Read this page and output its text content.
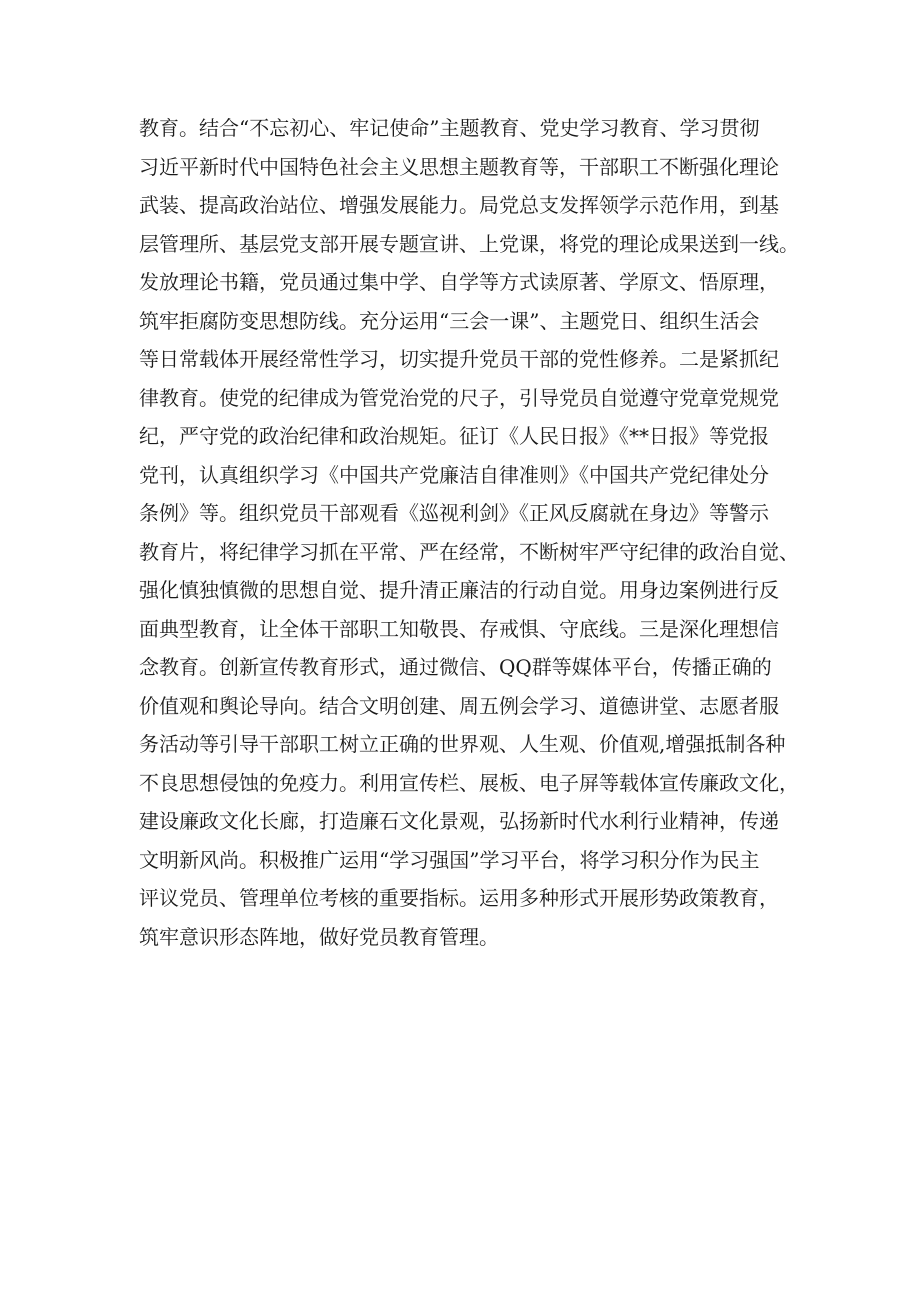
教育。结合“不忘初心、牢记使命”主题教育、党史学习教育、学习贯彻
习近平新时代中国特色社会主义思想主题教育等，干部职工不断强化理论
武装、提高政治站位、增强发展能力。局党总支发挥领学示范作用，到基
层管理所、基层党支部开展专题宣讲、上党课，将党的理论成果送到一线。
发放理论书籍，党员通过集中学、自学等方式读原著、学原文、悟原理，
筑牢拒腐防变思想防线。充分运用“三会一课”、主题党日、组织生活会
等日常载体开展经常性学习，切实提升党员干部的党性修养。二是紧抓纪
律教育。使党的纪律成为管党治党的尺子，引导党员自觉遵守党章党规党
纪，严守党的政治纪律和政治规矩。征订《人民日报》《**日报》等党报
党刊，认真组织学习《中国共产党廉洁自律准则》《中国共产党纪律处分
条例》等。组织党员干部观看《巡视利剑》《正风反腐就在身边》等警示
教育片，将纪律学习抓在平常、严在经常，不断树牢严守纪律的政治自觉、
强化慎独慎微的思想自觉、提升清正廉洁的行动自觉。用身边案例进行反
面典型教育，让全体干部职工知敬畏、存戒惧、守底线。三是深化理想信
念教育。创新宣传教育形式，通过微信、QQ群等媒体平台，传播正确的
价值观和舆论导向。结合文明创建、周五例会学习、道德讲堂、志愿者服
务活动等引导干部职工树立正确的世界观、人生观、价值观,增强抵制各种
不良思想侵蚀的免疫力。利用宣传栏、展板、电子屏等载体宣传廉政文化，
建设廉政文化长廊，打造廉石文化景观，弘扬新时代水利行业精神，传递
文明新风尚。积极推广运用“学习强国”学习平台，将学习积分作为民主
评议党员、管理单位考核的重要指标。运用多种形式开展形势政策教育，
筑牢意识形态阵地，做好党员教育管理。
